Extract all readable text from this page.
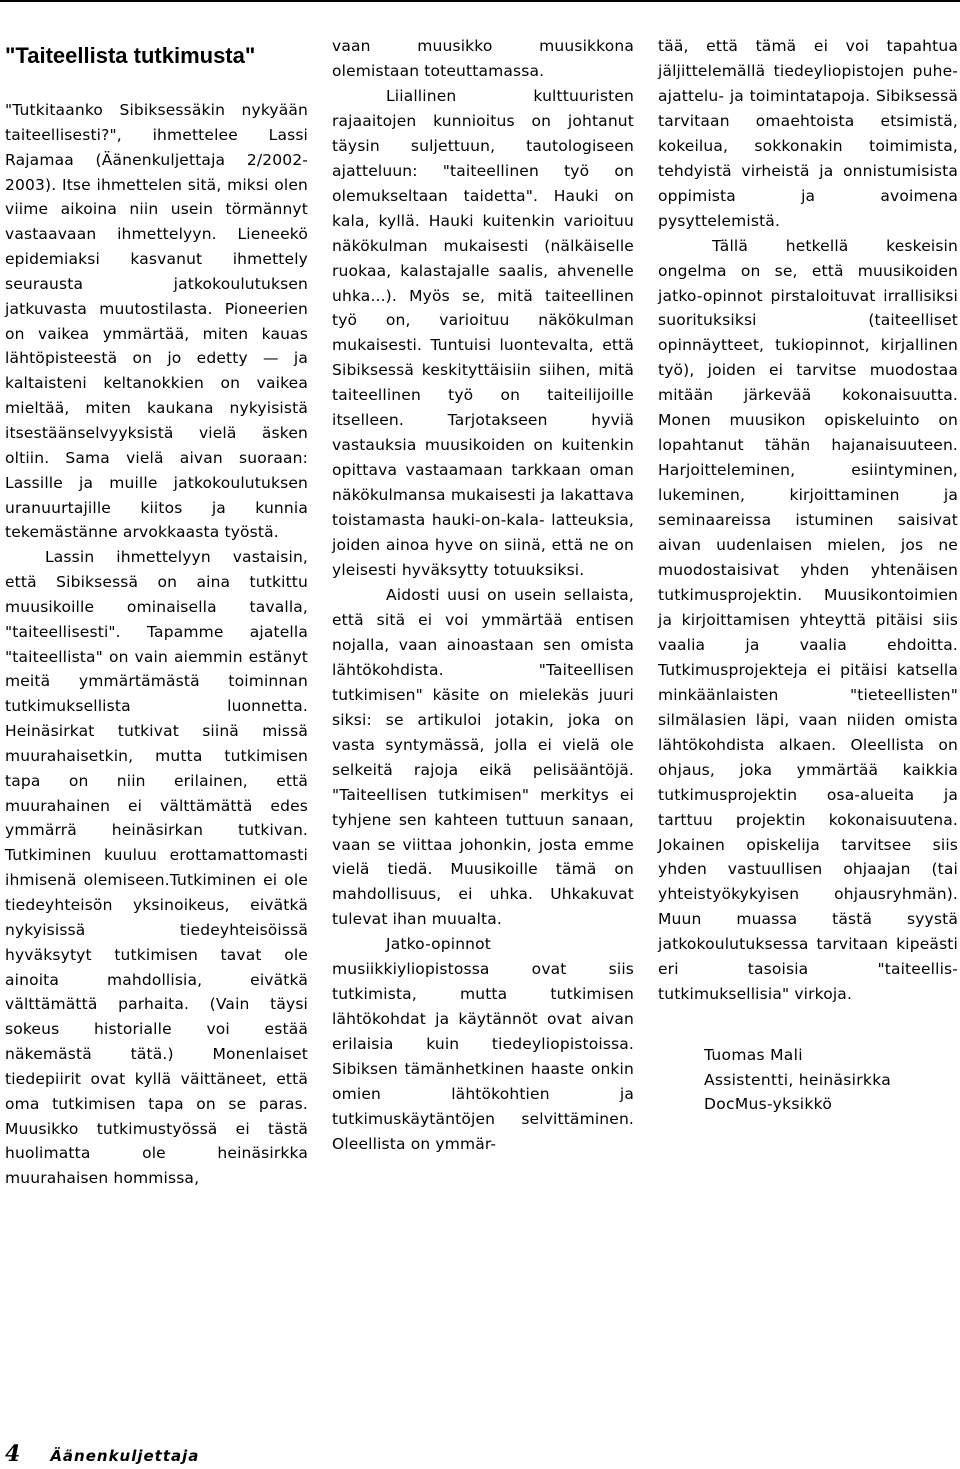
"Taiteellista tutkimusta"

"Tutkitaanko Sibiksessäkin nykyään taiteellisesti?", ihmettelee Lassi Rajamaa (Äänenkuljettaja 2/2002-2003). Itse ihmettelen sitä, miksi olen viime aikoina niin usein törmännyt vastaavaan ihmettelyyn. Lieneekö epidemiaksi kasvanut ihmettely seurausta jatkokoulutuksen jatkuvasta muutostilasta. Pioneerien on vaikea ymmärtää, miten kauas lähtöpisteestä on jo edetty — ja kaltaisteni keltanokkien on vaikea mieltää, miten kaukana nykyisistä itsestäänselvyyksistä vielä äsken oltiin. Sama vielä aivan suoraan: Lassille ja muille jatkokoulutuksen uranuurtajille kiitos ja kunnia tekemästänne arvokkaasta työstä.

Lassin ihmettelyyn vastaisin, että Sibiksessä on aina tutkittu muusikoille ominaisella tavalla, "taiteellisesti". Tapamme ajatella "taiteellista" on vain aiemmin estänyt meitä ymmärtämästä toiminnan tutkimuksellista luonnetta. Heinäsirkat tutkivat siinä missä muurahaisetkin, mutta tutkimisen tapa on niin erilainen, että muurahainen ei välttämättä edes ymmärrä heinäsirkan tutkivan. Tutkiminen kuuluu erottamattomasti ihmisenä olemiseen.Tutkiminen ei ole tiedeyhteisön yksinoikeus, eivätkä nykyisissä tiedeyhteisöissä hyväksytyt tutkimisen tavat ole ainoita mahdollisia, eivätkä välttämättä parhaita. (Vain täysi sokeus historialle voi estää näkemästä tätä.) Monenlaiset tiedepiirit ovat kyllä väittäneet, että oma tutkimisen tapa on se paras. Muusikko tutkimustyössä ei tästä huolimatta ole heinäsirkka muurahaisen hommissa,

vaan muusikko muusikkona olemistaan toteuttamassa.

Liiallinen kulttuuristen rajaaitojen kunnioitus on johtanut täysin suljettuun, tautologiseen ajatteluun: "taiteellinen työ on olemukseltaan taidetta". Hauki on kala, kyllä. Hauki kuitenkin varioituu näkökulman mukaisesti (nälkäiselle ruokaa, kalastajalle saalis, ahvenelle uhka...). Myös se, mitä taiteellinen työ on, varioituu näkökulman mukaisesti. Tuntuisi luontevalta, että Sibiksessä keskityttäisiin siihen, mitä taiteellinen työ on taiteilijoille itselleen. Tarjotakseen hyviä vastauksia muusikoiden on kuitenkin opittava vastaamaan tarkkaan oman näkökulmansa mukaisesti ja lakattava toistamasta hauki-on-kala- latteuksia, joiden ainoa hyve on siinä, että ne on yleisesti hyväksytty totuuksiksi.

Aidosti uusi on usein sellaista, että sitä ei voi ymmärtää entisen nojalla, vaan ainoastaan sen omista lähtökohdista. "Taiteellisen tutkimisen" käsite on mielekäs juuri siksi: se artikuloi jotakin, joka on vasta syntymässä, jolla ei vielä ole selkeitä rajoja eikä pelisääntöjä. "Taiteellisen tutkimisen" merkitys ei tyhjene sen kahteen tuttuun sanaan, vaan se viittaa johonkin, josta emme vielä tiedä. Muusikoille tämä on mahdollisuus, ei uhka. Uhkakuvat tulevat ihan muualta.

Jatko-opinnot musiikkiyliopistossa ovat siis tutkimista, mutta tutkimisen lähtökohdat ja käytännöt ovat aivan erilaisia kuin tiedeyliopistoissa. Sibiksen tämänhetkinen haaste onkin omien lähtökohtien ja tutkimuskäytäntöjen selvittäminen. Oleellista on ymmär-

tää, että tämä ei voi tapahtua jäljittelemällä tiedeyliopistojen puhe- ajattelu- ja toimintatapoja. Sibiksessä tarvitaan omaehtoista etsimistä, kokeilua, sokkonakin toimimista, tehdyistä virheistä ja onnistumisista oppimista ja avoimena pysyttelemistä.

Tällä hetkellä keskeisin ongelma on se, että muusikoiden jatko-opinnot pirstaloituvat irrallisiksi suorituksiksi (taiteelliset opinnäytteet, tukiopinnot, kirjallinen työ), joiden ei tarvitse muodostaa mitään järkevää kokonaisuutta. Monen muusikon opiskeluinto on lopahtanut tähän hajanaisuuteen. Harjoitteleminen, esiintyminen, lukeminen, kirjoittaminen ja seminaareissa istuminen saisivat aivan uudenlaisen mielen, jos ne muodostaisivat yhden yhtenäisen tutkimusprojektin. Muusikontoimien ja kirjoittamisen yhteyttä pitäisi siis vaalia ja vaalia ehdoitta. Tutkimusprojekteja ei pitäisi katsella minkäänlaisten "tieteellisten" silmälasien läpi, vaan niiden omista lähtökohdista alkaen. Oleellista on ohjaus, joka ymmärtää kaikkia tutkimusprojektin osa-alueita ja tarttuu projektin kokonaisuutena. Jokainen opiskelija tarvitsee siis yhden vastuullisen ohjaajan (tai yhteistyökykyisen ohjausryhmän). Muun muassa tästä syystä jatkokoulutuksessa tarvitaan kipeästi eri tasoisia "taiteellis-tutkimuksellisia" virkoja.

Tuomas Mali
Assistentti, heinäsirkka
DocMus-yksikkö
4 Äänenkuljettaja
